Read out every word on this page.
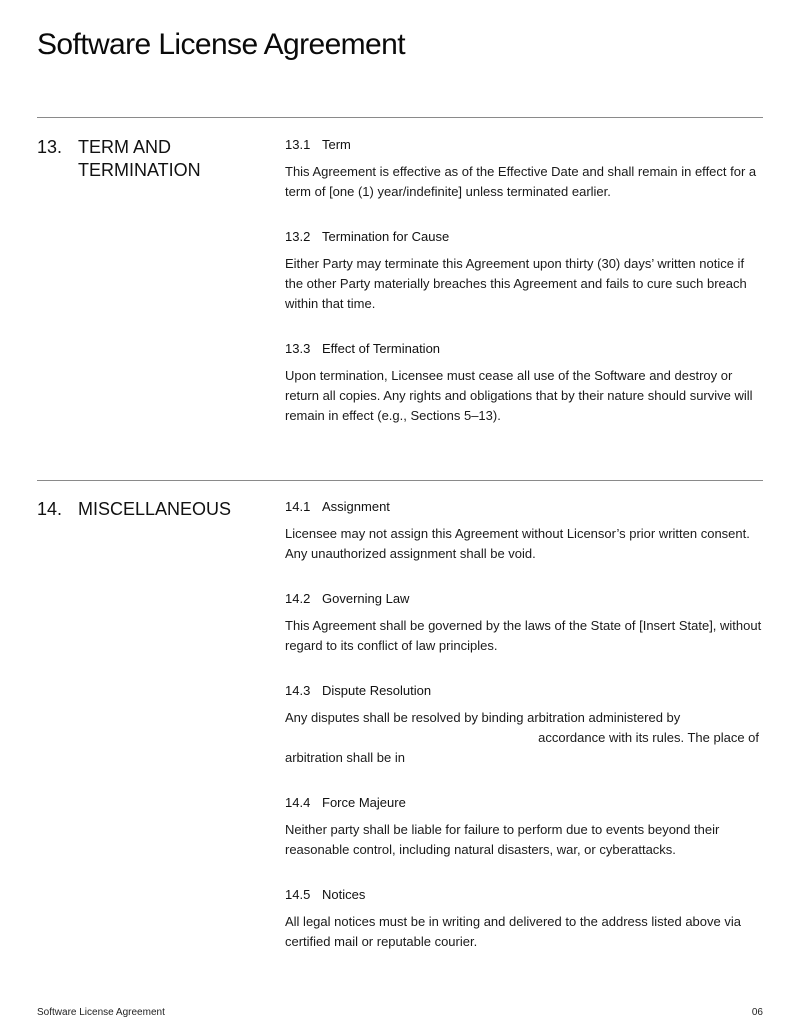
Software License Agreement
13. TERM AND TERMINATION
13.1 Term
This Agreement is effective as of the Effective Date and shall remain in effect for a term of [one (1) year/indefinite] unless terminated earlier.
13.2 Termination for Cause
Either Party may terminate this Agreement upon thirty (30) days’ written notice if the other Party materially breaches this Agreement and fails to cure such breach within that time.
13.3 Effect of Termination
Upon termination, Licensee must cease all use of the Software and destroy or return all copies. Any rights and obligations that by their nature should survive will remain in effect (e.g., Sections 5–13).
14. MISCELLANEOUS	14.1 Assignment
Licensee may not assign this Agreement without Licensor’s prior written consent. Any unauthorized assignment shall be void.
14.2 Governing Law
This Agreement shall be governed by the laws of the State of [Insert State], without regard to its conflict of law principles.
14.3 Dispute Resolution
Any disputes shall be resolved by binding arbitration administered by
accordance with its rules. The place of
arbitration shall be in
14.4 Force Majeure
Neither party shall be liable for failure to perform due to events beyond their reasonable control, including natural disasters, war, or cyberattacks.
14.5 Notices
All legal notices must be in writing and delivered to the address listed above via certified mail or reputable courier.
Software License Agreement	06
